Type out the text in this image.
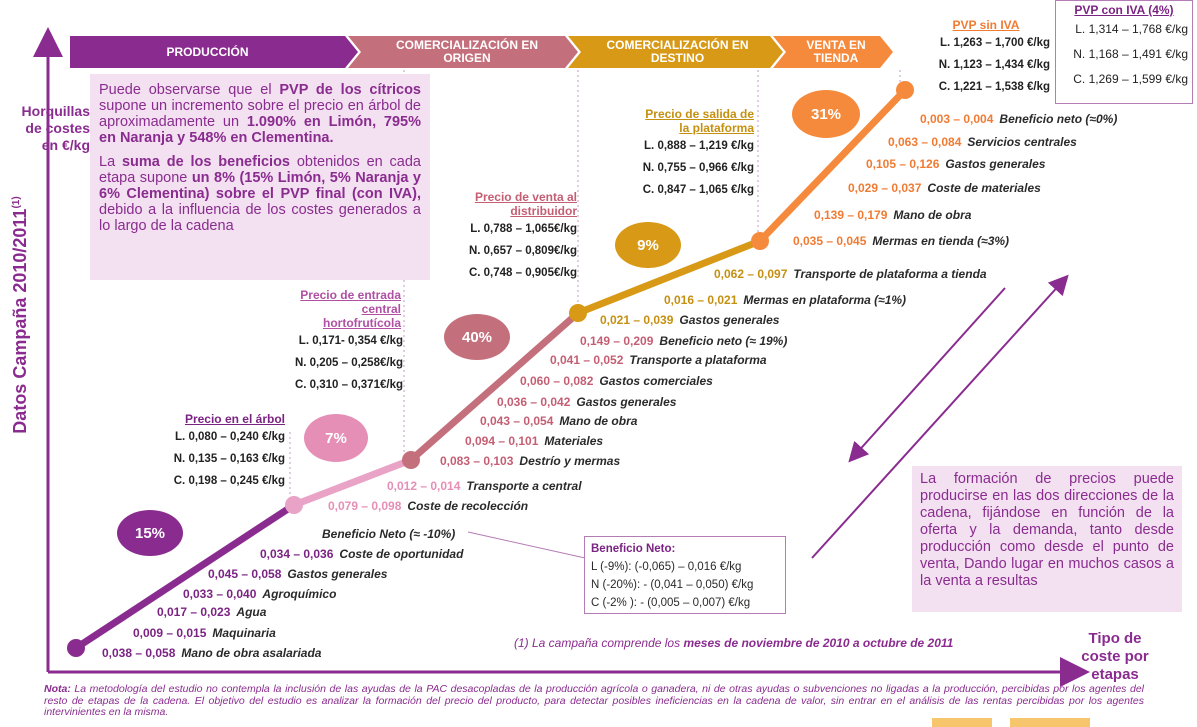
PRODUCCIÓN	COMERCIALIZACIÓN EN ORIGEN
COMERCIALIZACIÓN EN DESTINO
VENTA EN TIENDA
Datos Campaña 2010/2011$^{(1)}$
Horquillas
de costes
en €/kg
Tipo de
coste por
etapas

Puede observarse que el PVP de los cítricos supone un incremento sobre el precio en árbol de aproximadamente un 1.090% en Limón, 795% en Naranja y 548% en Clementina.

La suma de los beneficios obtenidos en cada etapa supone un 8% (15% Limón, 5% Naranja y 6% Clementina) sobre el PVP final (con IVA), debido a la influencia de los costes generados a lo largo de la cadena

Precio en el árbol
L. 0,080 – 0,240 €/kg
N. 0,135 – 0,163 €/kg
C. 0,198 – 0,245 €/kg
Precio de entrada central hortofrutícola
L. 0,171- 0,354 €/kg
N. 0,205 – 0,258€/kg
C. 0,310 – 0,371€/kg
Precio de venta al distribuidor
L. 0,788 – 1,065€/kg
N. 0,657 – 0,809€/kg
C. 0,748 – 0,905€/kg
Precio de salida de la plataforma
L. 0,888 – 1,219 €/kg
N. 0,755 – 0,966 €/kg
C. 0,847 – 1,065 €/kg
PVP sin IVA
L. 1,263 – 1,700 €/kg
N. 1,123 – 1,434 €/kg
C. 1,221 – 1,538 €/kg
PVP con IVA (4%)
L. 1,314 – 1,768 €/kg
N. 1,168 – 1,491 €/kg
C. 1,269 – 1,599 €/kg
15%
7%
40%
9%
31%
0,038 – 0,058 Mano de obra asalariada
0,009 – 0,015 Maquinaria
0,017 – 0,023 Agua
0,033 – 0,040 Agroquímico
0,045 – 0,058 Gastos generales
0,034 – 0,036 Coste de oportunidad
Beneficio Neto (≈ -10%)
0,079 – 0,098 Coste de recolección
0,012 – 0,014 Transporte a central
0,083 – 0,103 Destrío y mermas
0,094 – 0,101 Materiales
0,043 – 0,054 Mano de obra
0,036 – 0,042 Gastos generales
0,060 – 0,082 Gastos comerciales
0,041 – 0,052 Transporte a plataforma
0,149 – 0,209 Beneficio neto (≈ 19%)
0,021 – 0,039 Gastos generales
0,016 – 0,021 Mermas en plataforma (≈1%)
0,062 – 0,097 Transporte de plataforma a tienda
0,035 – 0,045 Mermas en tienda (≈3%)
0,139 – 0,179 Mano de obra
0,029 – 0,037 Coste de materiales
0,105 – 0,126 Gastos generales
0,063 – 0,084 Servicios centrales
0,003 – 0,004 Beneficio neto (≈0%)
Beneficio Neto:
L (-9%): (-0,065) – 0,016 €/kg
N (-20%): - (0,041 – 0,050) €/kg
C (-2% ): - (0,005 – 0,007) €/kg
La formación de precios puede producirse en las dos direcciones de la cadena, fijándose en función de la oferta y la demanda, tanto desde producción como desde el punto de venta, Dando lugar en muchos casos a la venta a resultas
(1) La campaña comprende los meses de noviembre de 2010 a octubre de 2011
Nota: La metodología del estudio no contempla la inclusión de las ayudas de la PAC desacopladas de la producción agrícola o ganadera, ni de otras ayudas o subvenciones no ligadas a la producción, percibidas por los agentes del resto de etapas de la cadena. El objetivo del estudio es analizar la formación del precio del producto, para detectar posibles ineficiencias en la cadena de valor, sin entrar en el análisis de las rentas percibidas por los agentes intervinientes en la misma.
